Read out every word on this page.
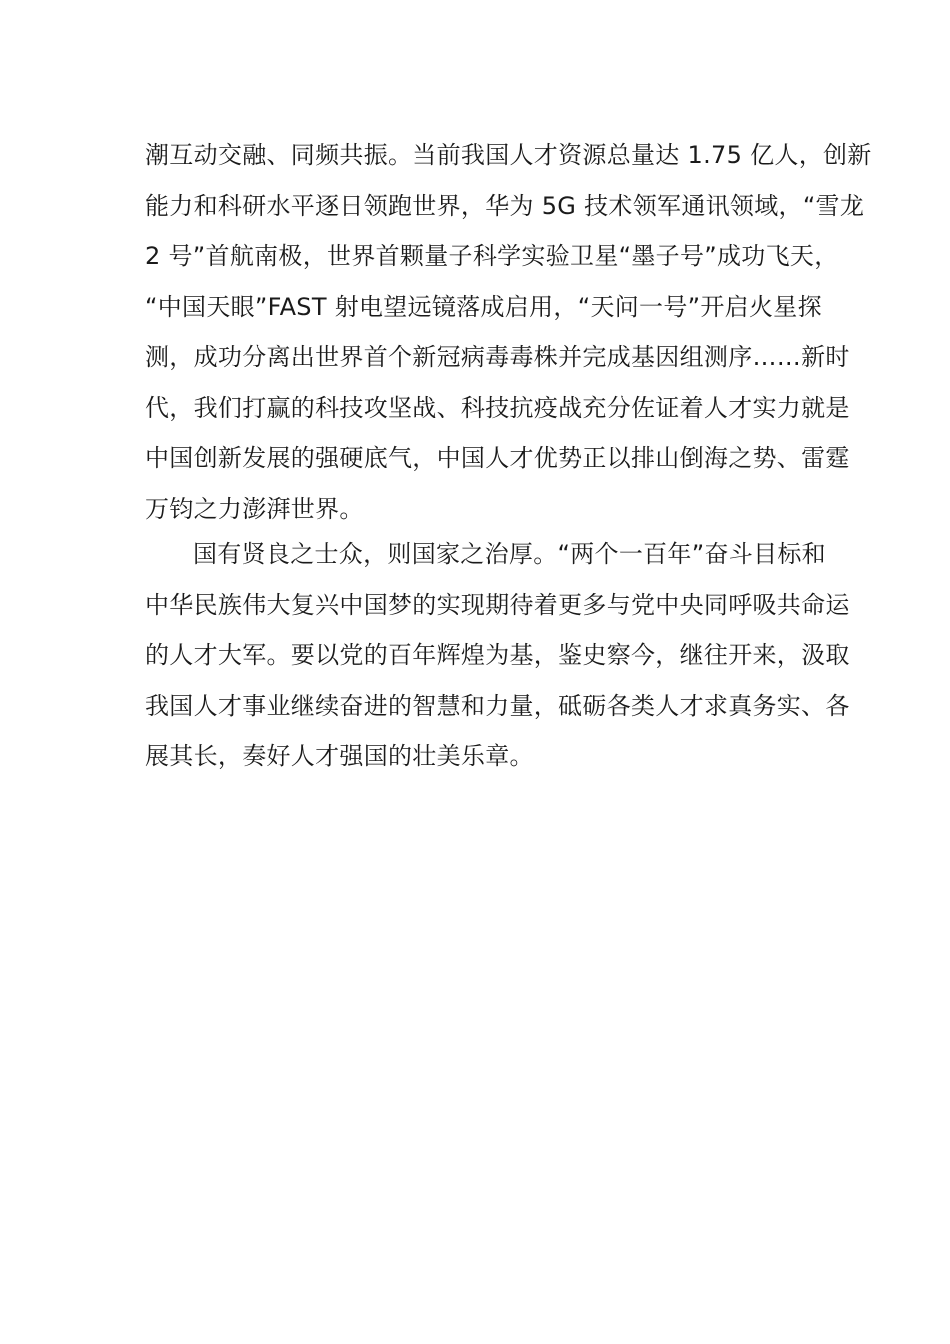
潮互动交融、同频共振。当前我国人才资源总量达 1.75 亿人，创新
能力和科研水平逐日领跑世界，华为 5G 技术领军通讯领域，“雪龙
2 号”首航南极，世界首颗量子科学实验卫星“墨子号”成功飞天，
“中国天眼”FAST 射电望远镜落成启用，“天问一号”开启火星探
测，成功分离出世界首个新冠病毒毒株并完成基因组测序……新时
代，我们打赢的科技攻坚战、科技抗疫战充分佐证着人才实力就是
中国创新发展的强硬底气，中国人才优势正以排山倒海之势、雷霆
万钧之力澎湃世界。
国有贤良之士众，则国家之治厚。“两个一百年”奋斗目标和
中华民族伟大复兴中国梦的实现期待着更多与党中央同呼吸共命运
的人才大军。要以党的百年辉煌为基，鉴史察今，继往开来，汲取
我国人才事业继续奋进的智慧和力量，砥砺各类人才求真务实、各
展其长，奏好人才强国的壮美乐章。
